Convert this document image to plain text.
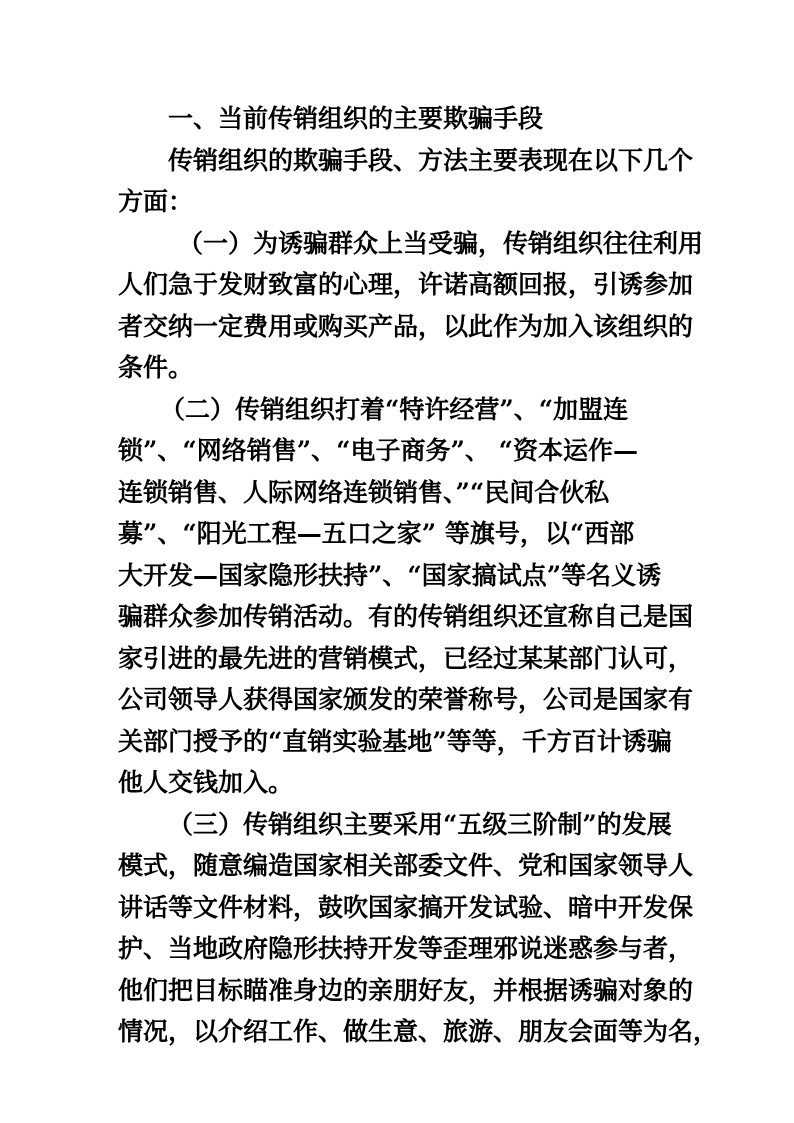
一、当前传销组织的主要欺骗手段
传销组织的欺骗手段、方法主要表现在以下几个
方面：
（一）为诱骗群众上当受骗，传销组织往往利用
人们急于发财致富的心理，许诺高额回报，引诱参加
者交纳一定费用或购买产品，以此作为加入该组织的
条件。
（二）传销组织打着“特许经营”、“加盟连
锁”、“网络销售”、“电子商务”、 “资本运作—
连锁销售、人际网络连锁销售、”“民间合伙私
募”、“阳光工程—五口之家” 等旗号，以“西部
大开发—国家隐形扶持”、“国家搞试点”等名义诱
骗群众参加传销活动。有的传销组织还宣称自己是国
家引进的最先进的营销模式，已经过某某部门认可，
公司领导人获得国家颁发的荣誉称号，公司是国家有
关部门授予的“直销实验基地”等等，千方百计诱骗
他人交钱加入。
（三）传销组织主要采用“五级三阶制”的发展
模式，随意编造国家相关部委文件、党和国家领导人
讲话等文件材料，鼓吹国家搞开发试验、暗中开发保
护、当地政府隐形扶持开发等歪理邪说迷惑参与者，
他们把目标瞄准身边的亲朋好友，并根据诱骗对象的
情况，以介绍工作、做生意、旅游、朋友会面等为名，
